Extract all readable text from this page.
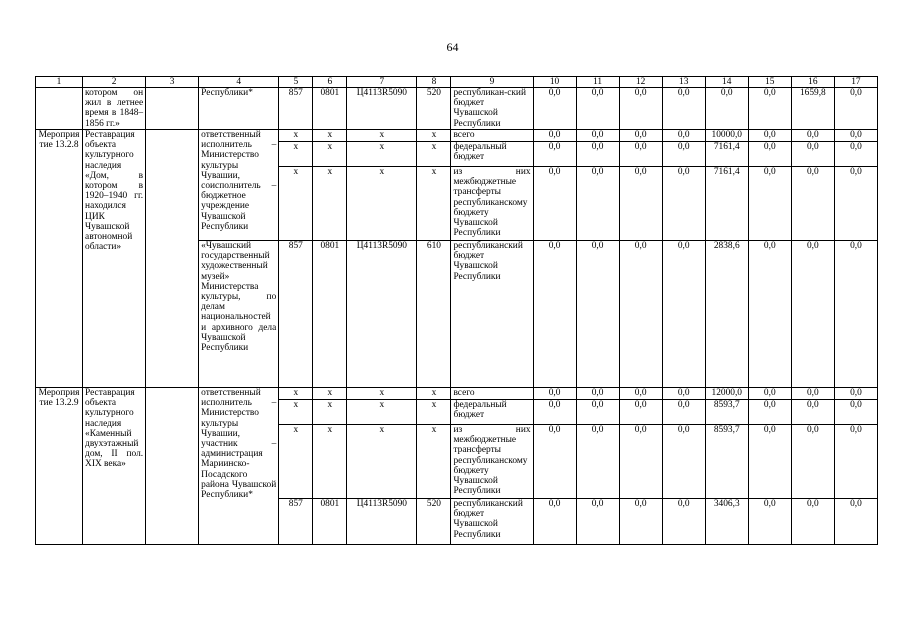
64
1	2	3	4	5	6	7	8	9	10	11	12	13	14	15	16	17
	котором он жил в летнее время в 1848–1856 гг.»		Республики*	857	0801	Ц4113R5090	520	республикан-ский бюджет Чувашской Республики	0,0	0,0	0,0	0,0	0,0	0,0	1659,8	0,0
Мероприятие 13.2.8	Реставрация объекта культурного наследия «Дом, в котором в 1920–1940 гг. находился ЦИК Чувашской автономной области»		ответственный исполнитель – Министерство культуры Чувашии, соисполнитель – бюджетное учреждение Чувашской Республики	x	x	x	x	всего	0,0	0,0	0,0	0,0	10000,0	0,0	0,0	0,0
				x	x	x	x	федеральный бюджет	0,0	0,0	0,0	0,0	7161,4	0,0	0,0	0,0
				x	x	x	x	из них межбюджетные трансферты республиканскому бюджету Чувашской Республики	0,0	0,0	0,0	0,0	7161,4	0,0	0,0	0,0
			«Чувашский государственный художественный музей» Министерства культуры, по делам национальностей и архивного дела Чувашской Республики	857	0801	Ц4113R5090	610	республиканский бюджет Чувашской Республики	0,0	0,0	0,0	0,0	2838,6	0,0	0,0	0,0
Мероприятие 13.2.9	Реставрация объекта культурного наследия «Каменный двухэтажный дом, II пол. XIX века»		ответственный исполнитель – Министерство культуры Чувашии, участник – администрация Мариинско-Посадского района Чувашской Республики*	x	x	x	x	всего	0,0	0,0	0,0	0,0	12000,0	0,0	0,0	0,0
				x	x	x	x	федеральный бюджет	0,0	0,0	0,0	0,0	8593,7	0,0	0,0	0,0
				x	x	x	x	из них межбюджетные трансферты республиканскому бюджету Чувашской Республики	0,0	0,0	0,0	0,0	8593,7	0,0	0,0	0,0
				857	0801	Ц4113R5090	520	республиканский бюджет Чувашской Республики	0,0	0,0	0,0	0,0	3406,3	0,0	0,0	0,0
